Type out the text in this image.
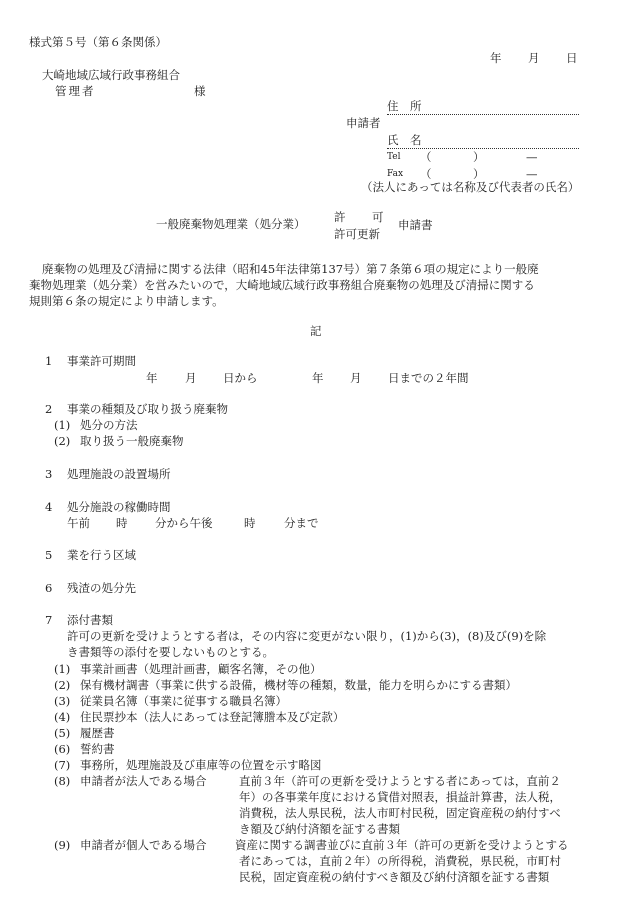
様式第５号（第６条関係）
年 月 日
大崎地域広域行政事務組合
管理者	様
住　所
申請者
氏　名
Tel （	）	—
Fax （	）	—
（法人にあっては名称及び代表者の氏名）
一般廃棄物処理業（処分業） 許 可
許可更新
申請書
廃棄物の処理及び清掃に関する法律（昭和45年法律第137号）第７条第６項の規定により一般廃
棄物処理業（処分業）を営みたいので，大崎地域広域行政事務組合廃棄物の処理及び清掃に関する
規則第６条の規定により申請します。
記
1 事業許可期間
年 月 日から	年 月 日までの２年間
2 事業の種類及び取り扱う廃棄物
(1) 処分の方法
(2) 取り扱う一般廃棄物
3 処理施設の設置場所
4 処分施設の稼働時間
午前 時 分から午後	時 分まで
5 業を行う区域
6 残渣の処分先
7 添付書類
許可の更新を受けようとする者は，その内容に変更がない限り，(1)から(3)，(8)及び(9)を除
き書類等の添付を要しないものとする。
(1) 事業計画書（処理計画書，顧客名簿，その他）
(2) 保有機材調書（事業に供する設備，機材等の種類，数量，能力を明らかにする書類）
(3) 従業員名簿（事業に従事する職員名簿）
(4) 住民票抄本（法人にあっては登記簿謄本及び定款）
(5) 履歴書
(6) 誓約書
(7) 事務所，処理施設及び車庫等の位置を示す略図
(8) 申請者が法人である場合	直前３年（許可の更新を受けようとする者にあっては，直前２
年）の各事業年度における貸借対照表，損益計算書，法人税，
消費税，法人県民税，法人市町村民税，固定資産税の納付すべ
き額及び納付済額を証する書類
(9) 申請者が個人である場合 資産に関する調書並びに直前３年（許可の更新を受けようとする
者にあっては，直前２年）の所得税，消費税，県民税，市町村
民税，固定資産税の納付すべき額及び納付済額を証する書類
